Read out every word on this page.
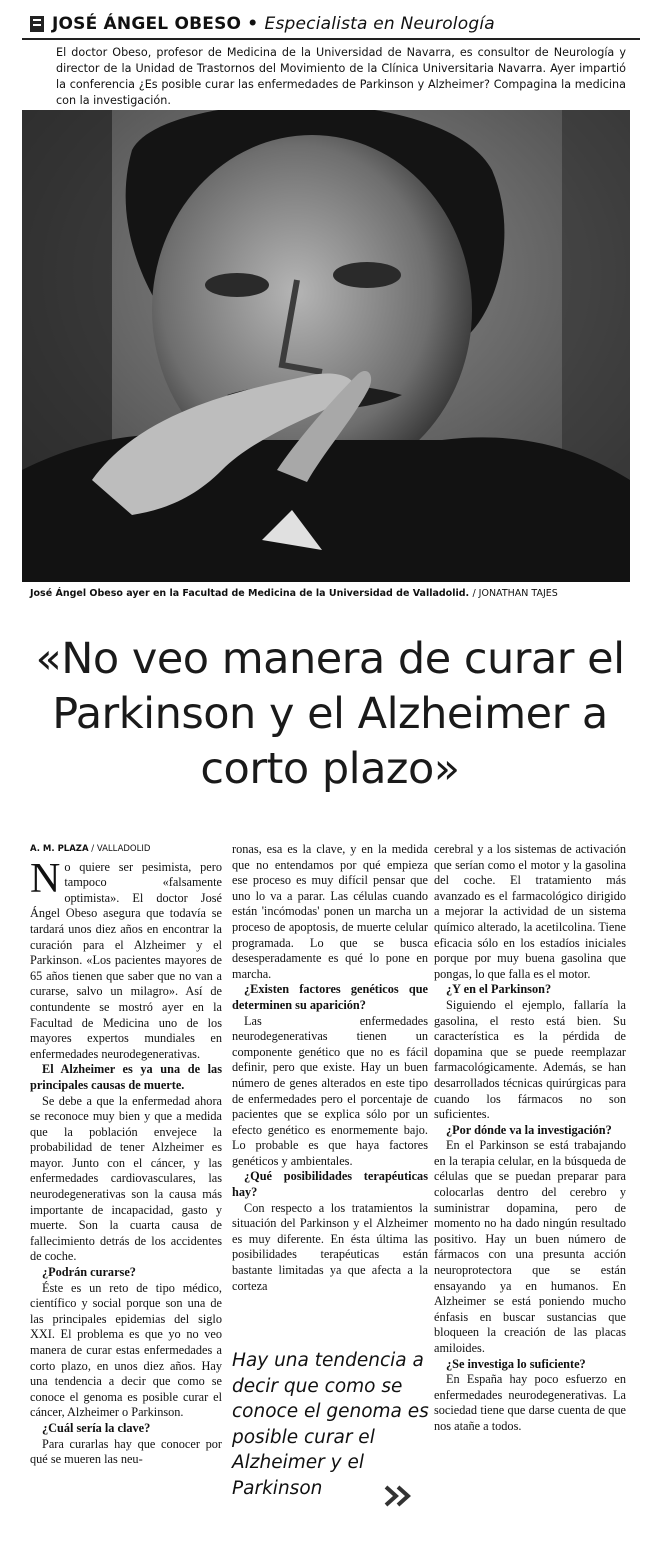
JOSÉ ÁNGEL OBESO • Especialista en Neurología
El doctor Obeso, profesor de Medicina de la Universidad de Navarra, es consultor de Neurología y director de la Unidad de Trastornos del Movimiento de la Clínica Universitaria Navarra. Ayer impartió la conferencia ¿Es posible curar las enfermedades de Parkinson y Alzheimer? Compagina la medicina con la investigación.
José Ángel Obeso ayer en la Facultad de Medicina de la Universidad de Valladolid. / JONATHAN TAJES
«No veo manera de curar el Parkinson y el Alzheimer a corto plazo»
A. M. PLAZA / VALLADOLID
N o quiere ser pesimista, pero tampoco «falsamente optimista». El doctor José Ángel Obeso asegura que todavía se tardará unos diez años en encontrar la curación para el Alzheimer y el Parkinson. «Los pacientes mayores de 65 años tienen que saber que no van a curarse, salvo un milagro». Así de contundente se mostró ayer en la Facultad de Medicina uno de los mayores expertos mundiales en enfermedades neurodegenerativas.

El Alzheimer es ya una de las principales causas de muerte.

Se debe a que la enfermedad ahora se reconoce muy bien y que a medida que la población envejece la probabilidad de tener Alzheimer es mayor. Junto con el cáncer, y las enfermedades cardiovasculares, las neurodegenerativas son la causa más importante de incapacidad, gasto y muerte. Son la cuarta causa de fallecimiento detrás de los accidentes de coche.

¿Podrán curarse?

Éste es un reto de tipo médico, científico y social porque son una de las principales epidemias del siglo XXI. El problema es que yo no veo manera de curar estas enfermedades a corto plazo, en unos diez años. Hay una tendencia a decir que como se conoce el genoma es posible curar el cáncer, Alzheimer o Parkinson.

¿Cuál sería la clave?

Para curarlas hay que conocer por qué se mueren las neu-

ronas, esa es la clave, y en la medida que no entendamos por qué empieza ese proceso es muy difícil pensar que uno lo va a parar. Las células cuando están 'incómodas' ponen un marcha un proceso de apoptosis, de muerte celular programada. Lo que se busca desesperadamente es qué lo pone en marcha.

¿Existen factores genéticos que determinen su aparición?

Las enfermedades neurodegenerativas tienen un componente genético que no es fácil definir, pero que existe. Hay un buen número de genes alterados en este tipo de enfermedades pero el porcentaje de pacientes que se explica sólo por un efecto genético es enormemente bajo. Lo probable es que haya factores genéticos y ambientales.

¿Qué posibilidades terapéuticas hay?

Con respecto a los tratamientos la situación del Parkinson y el Alzheimer es muy diferente. En ésta última las posibilidades terapéuticas están bastante limitadas ya que afecta a la corteza

cerebral y a los sistemas de activación que serían como el motor y la gasolina del coche. El tratamiento más avanzado es el farmacológico dirigido a mejorar la actividad de un sistema químico alterado, la acetilcolina. Tiene eficacia sólo en los estadíos iniciales porque por muy buena gasolina que pongas, lo que falla es el motor.

¿Y en el Parkinson?

Siguiendo el ejemplo, fallaría la gasolina, el resto está bien. Su característica es la pérdida de dopamina que se puede reemplazar farmacológicamente. Además, se han desarrollados técnicas quirúrgicas para cuando los fármacos no son suficientes.

¿Por dónde va la investigación?

En el Parkinson se está trabajando en la terapia celular, en la búsqueda de células que se puedan preparar para colocarlas dentro del cerebro y suministrar dopamina, pero de momento no ha dado ningún resultado positivo. Hay un buen número de fármacos con una presunta acción neuroprotectora que se están ensayando ya en humanos. En Alzheimer se está poniendo mucho énfasis en buscar sustancias que bloqueen la creación de las placas amiloides.

¿Se investiga lo suficiente?

En España hay poco esfuerzo en enfermedades neurodegenerativas. La sociedad tiene que darse cuenta de que nos atañe a todos.

Hay una tendencia a decir que como se conoce el genoma es posible curar el Alzheimer y el Parkinson
